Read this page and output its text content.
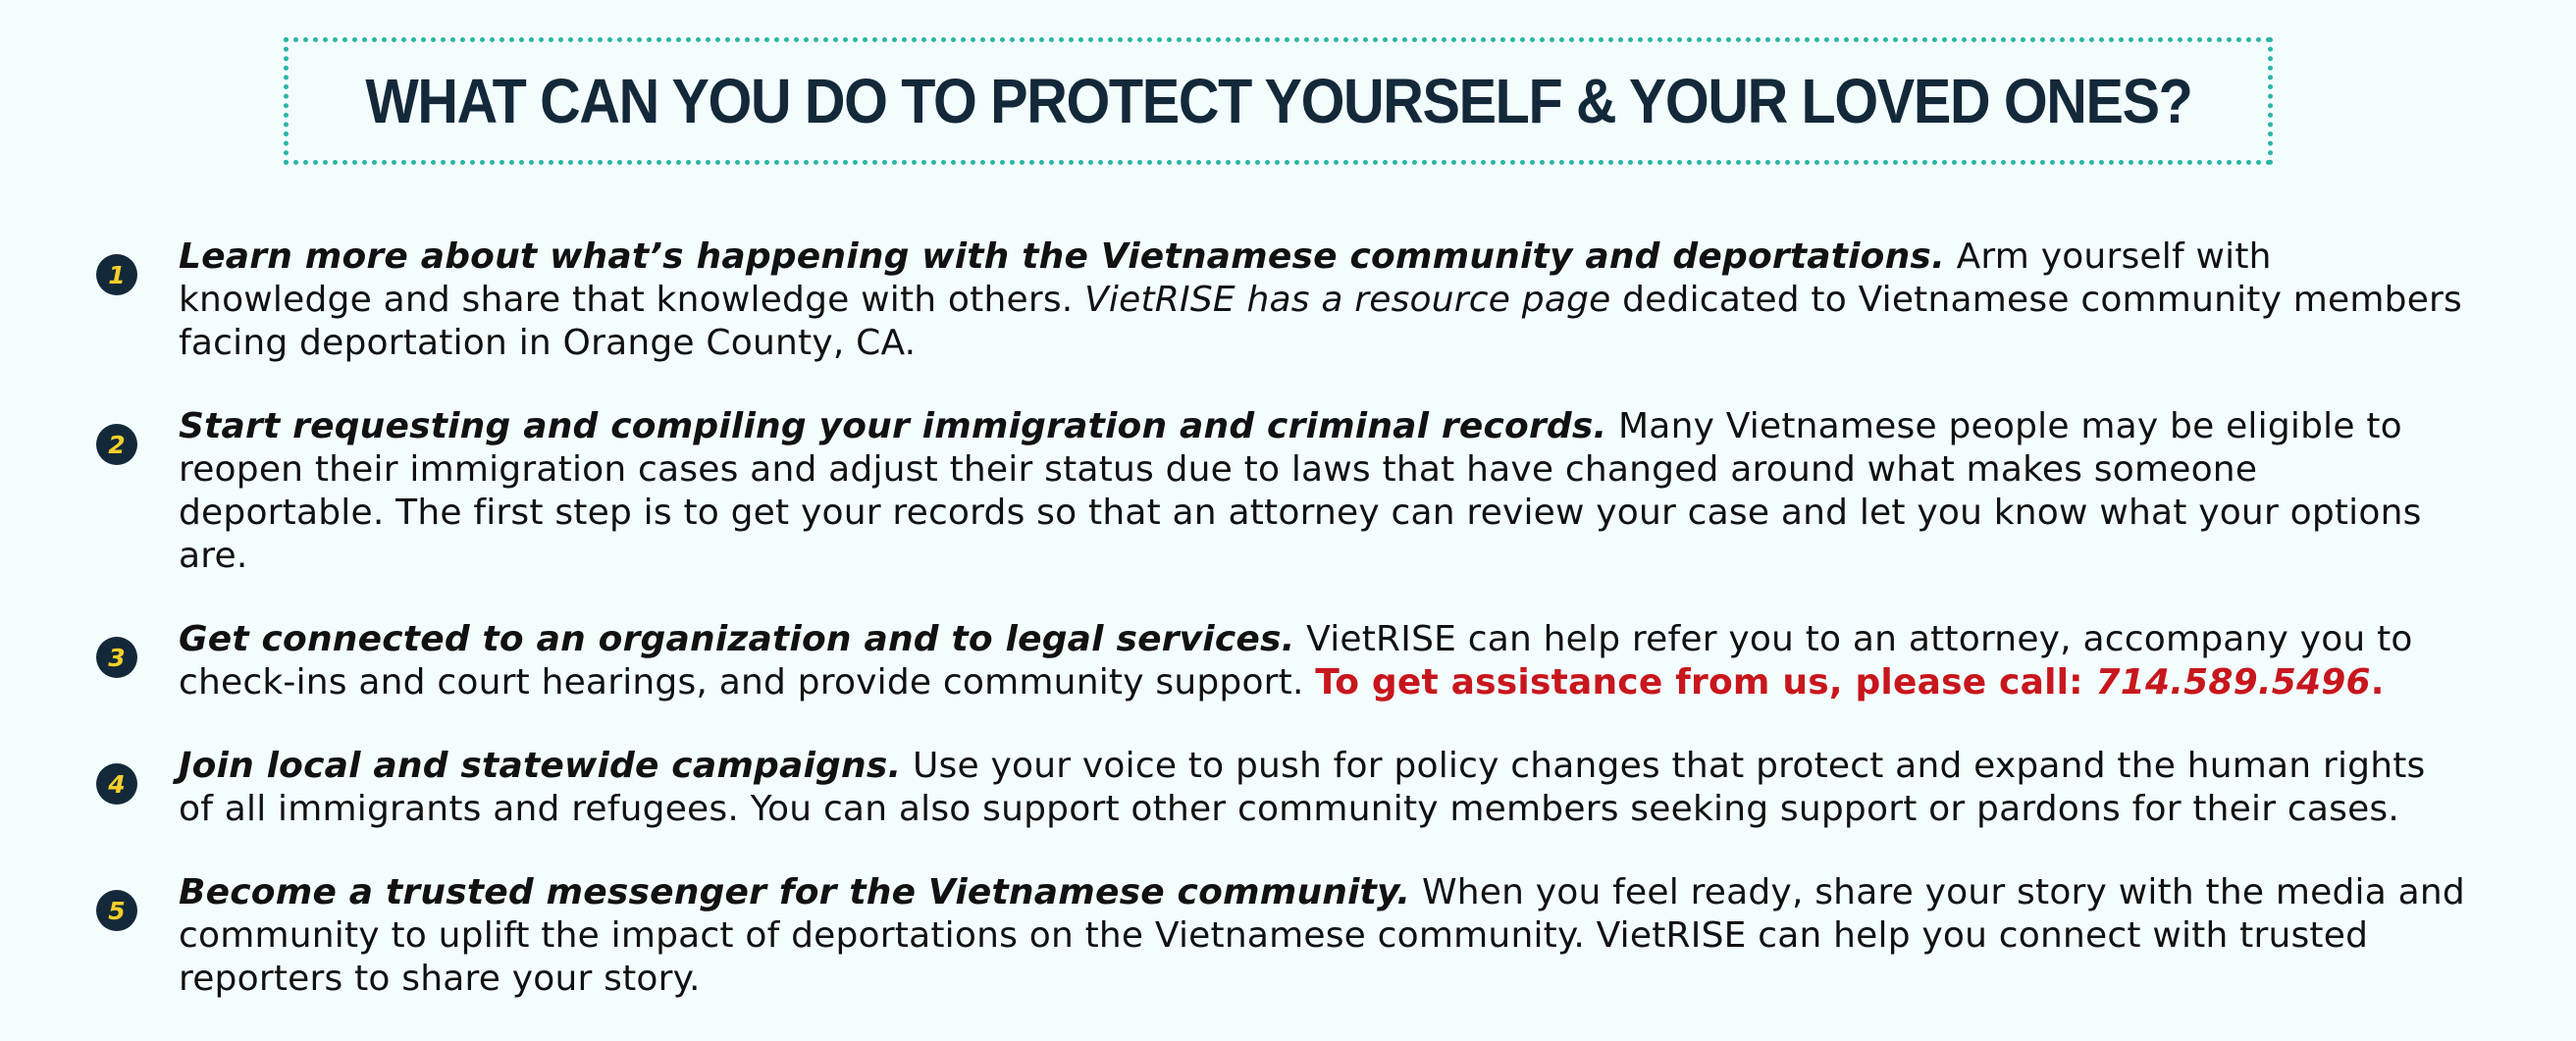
WHAT CAN YOU DO TO PROTECT YOURSELF & YOUR LOVED ONES?
1	Learn more about what’s happening with the Vietnamese community and deportations. Arm yourself with knowledge and share that knowledge with others. VietRISE has a resource page dedicated to Vietnamese community members facing deportation in Orange County, CA.
2	Start requesting and compiling your immigration and criminal records. Many Vietnamese people may be eligible to reopen their immigration cases and adjust their status due to laws that have changed around what makes someone deportable. The first step is to get your records so that an attorney can review your case and let you know what your options are.
3	Get connected to an organization and to legal services. VietRISE can help refer you to an attorney, accompany you to check-ins and court hearings, and provide community support. To get assistance from us, please call: 714.589.5496.
4	Join local and statewide campaigns. Use your voice to push for policy changes that protect and expand the human rights of all immigrants and refugees. You can also support other community members seeking support or pardons for their cases.
5	Become a trusted messenger for the Vietnamese community. When you feel ready, share your story with the media and community to uplift the impact of deportations on the Vietnamese community. VietRISE can help you connect with trusted reporters to share your story.
